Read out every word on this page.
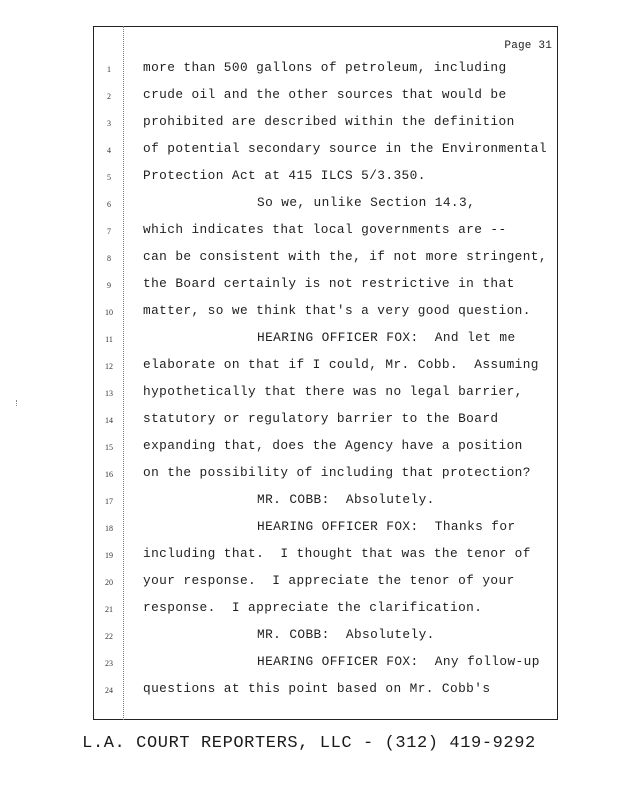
Page 31
1	more than 500 gallons of petroleum, including
2	crude oil and the other sources that would be
3	prohibited are described within the definition
4	of potential secondary source in the Environmental
5	Protection Act at 415 ILCS 5/3.350.
6	So we, unlike Section 14.3,
7	which indicates that local governments are --
8	can be consistent with the, if not more stringent,
9	the Board certainly is not restrictive in that
10	matter, so we think that's a very good question.
11	HEARING OFFICER FOX:  And let me
12	elaborate on that if I could, Mr. Cobb.  Assuming
13	hypothetically that there was no legal barrier,
14	statutory or regulatory barrier to the Board
15	expanding that, does the Agency have a position
16	on the possibility of including that protection?
17	MR. COBB:  Absolutely.
18	HEARING OFFICER FOX:  Thanks for
19	including that.  I thought that was the tenor of
20	your response.  I appreciate the tenor of your
21	response.  I appreciate the clarification.
22	MR. COBB:  Absolutely.
23	HEARING OFFICER FOX:  Any follow-up
24	questions at this point based on Mr. Cobb's
L.A. COURT REPORTERS, LLC - (312) 419-9292
